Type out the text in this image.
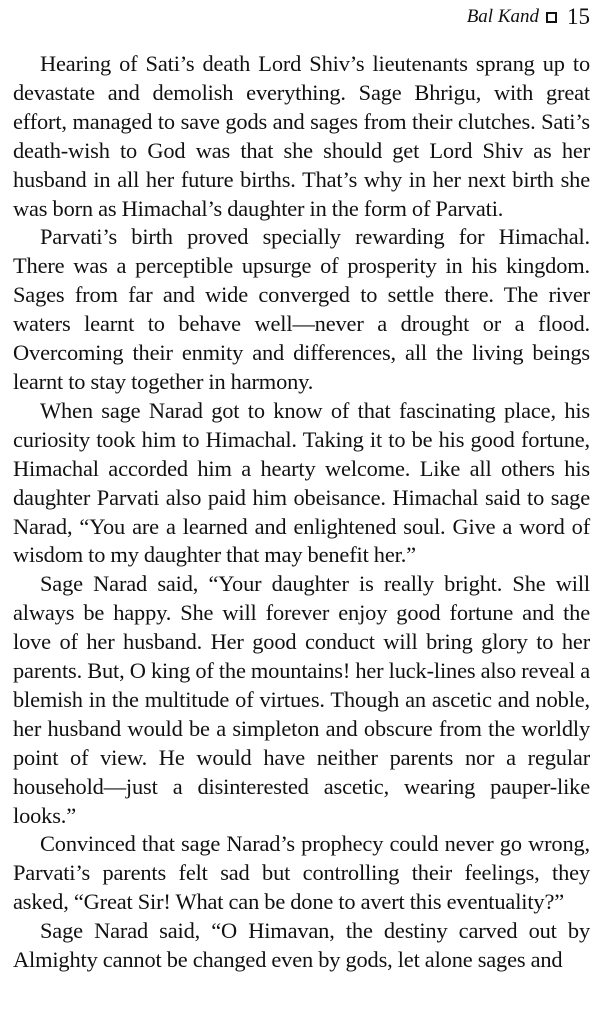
Bal Kand 15

Hearing of Sati’s death Lord Shiv’s lieutenants sprang up to devastate and demolish everything. Sage Bhrigu, with great effort, managed to save gods and sages from their clutches. Sati’s death-wish to God was that she should get Lord Shiv as her husband in all her future births. That’s why in her next birth she was born as Himachal’s daughter in the form of Parvati.

Parvati’s birth proved specially rewarding for Himachal. There was a perceptible upsurge of prosperity in his kingdom. Sages from far and wide converged to settle there. The river waters learnt to behave well—never a drought or a flood. Overcoming their enmity and differences, all the living beings learnt to stay together in harmony.

When sage Narad got to know of that fascinating place, his curiosity took him to Himachal. Taking it to be his good fortune, Himachal accorded him a hearty welcome. Like all others his daughter Parvati also paid him obeisance. Himachal said to sage Narad, “You are a learned and enlightened soul. Give a word of wisdom to my daughter that may benefit her.”

Sage Narad said, “Your daughter is really bright. She will always be happy. She will forever enjoy good fortune and the love of her husband. Her good conduct will bring glory to her parents. But, O king of the mountains! her luck-lines also reveal a blemish in the multitude of virtues. Though an ascetic and noble, her husband would be a simpleton and obscure from the worldly point of view. He would have neither parents nor a regular household—just a disinterested ascetic, wearing pauper-like looks.”

Convinced that sage Narad’s prophecy could never go wrong, Parvati’s parents felt sad but controlling their feelings, they asked, “Great Sir! What can be done to avert this eventuality?”

Sage Narad said, “O Himavan, the destiny carved out by Almighty cannot be changed even by gods, let alone sages and
